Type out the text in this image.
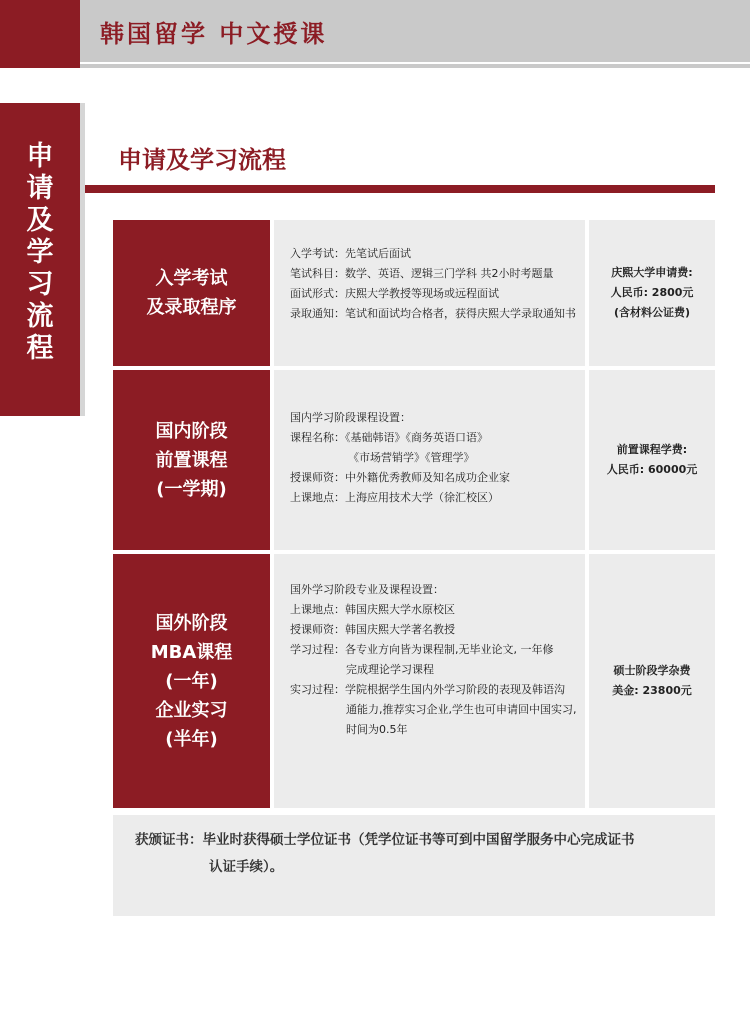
韩国留学 中文授课
申
请
及
学
习
流
程
申请及学习流程
入学考试
及录取程序
入学考试：先笔试后面试
笔试科目：数学、英语、逻辑三门学科 共2小时考题量
面试形式：庆熙大学教授等现场或远程面试
录取通知：笔试和面试均合格者，获得庆熙大学录取通知书
庆熙大学申请费:
人民币: 2800元
(含材料公证费)
国内阶段
前置课程
(一学期)
国内学习阶段课程设置：
课程名称：《基础韩语》《商务英语口语》
《市场营销学》《管理学》
授课师资：中外籍优秀教师及知名成功企业家
上课地点：上海应用技术大学（徐汇校区）
前置课程学费:
人民币: 60000元
国外阶段
MBA课程
(一年)
企业实习
(半年)
国外学习阶段专业及课程设置：
上课地点：韩国庆熙大学水原校区
授课师资：韩国庆熙大学著名教授
学习过程：各专业方向皆为课程制,无毕业论文, 一年修
完成理论学习课程
实习过程：学院根据学生国内外学习阶段的表现及韩语沟
通能力,推荐实习企业,学生也可申请回中国实习,
时间为0.5年
硕士阶段学杂费
美金: 23800元
获颁证书：毕业时获得硕士学位证书（凭学位证书等可到中国留学服务中心完成证书
认证手续）。
